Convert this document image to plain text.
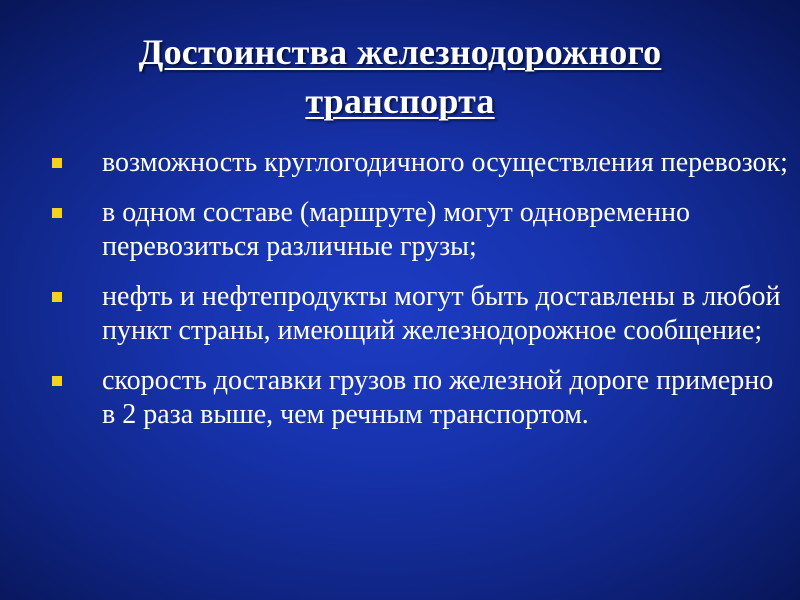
Достоинства железнодорожного транспорта
возможность круглогодичного осуществления перевозок;
в одном составе (маршруте) могут одновременно перевозиться различные грузы;
нефть и нефтепродукты могут быть доставлены в любой пункт страны, имеющий железнодорожное сообщение;
скорость доставки грузов по железной дороге примерно в 2 раза выше, чем речным транспортом.
